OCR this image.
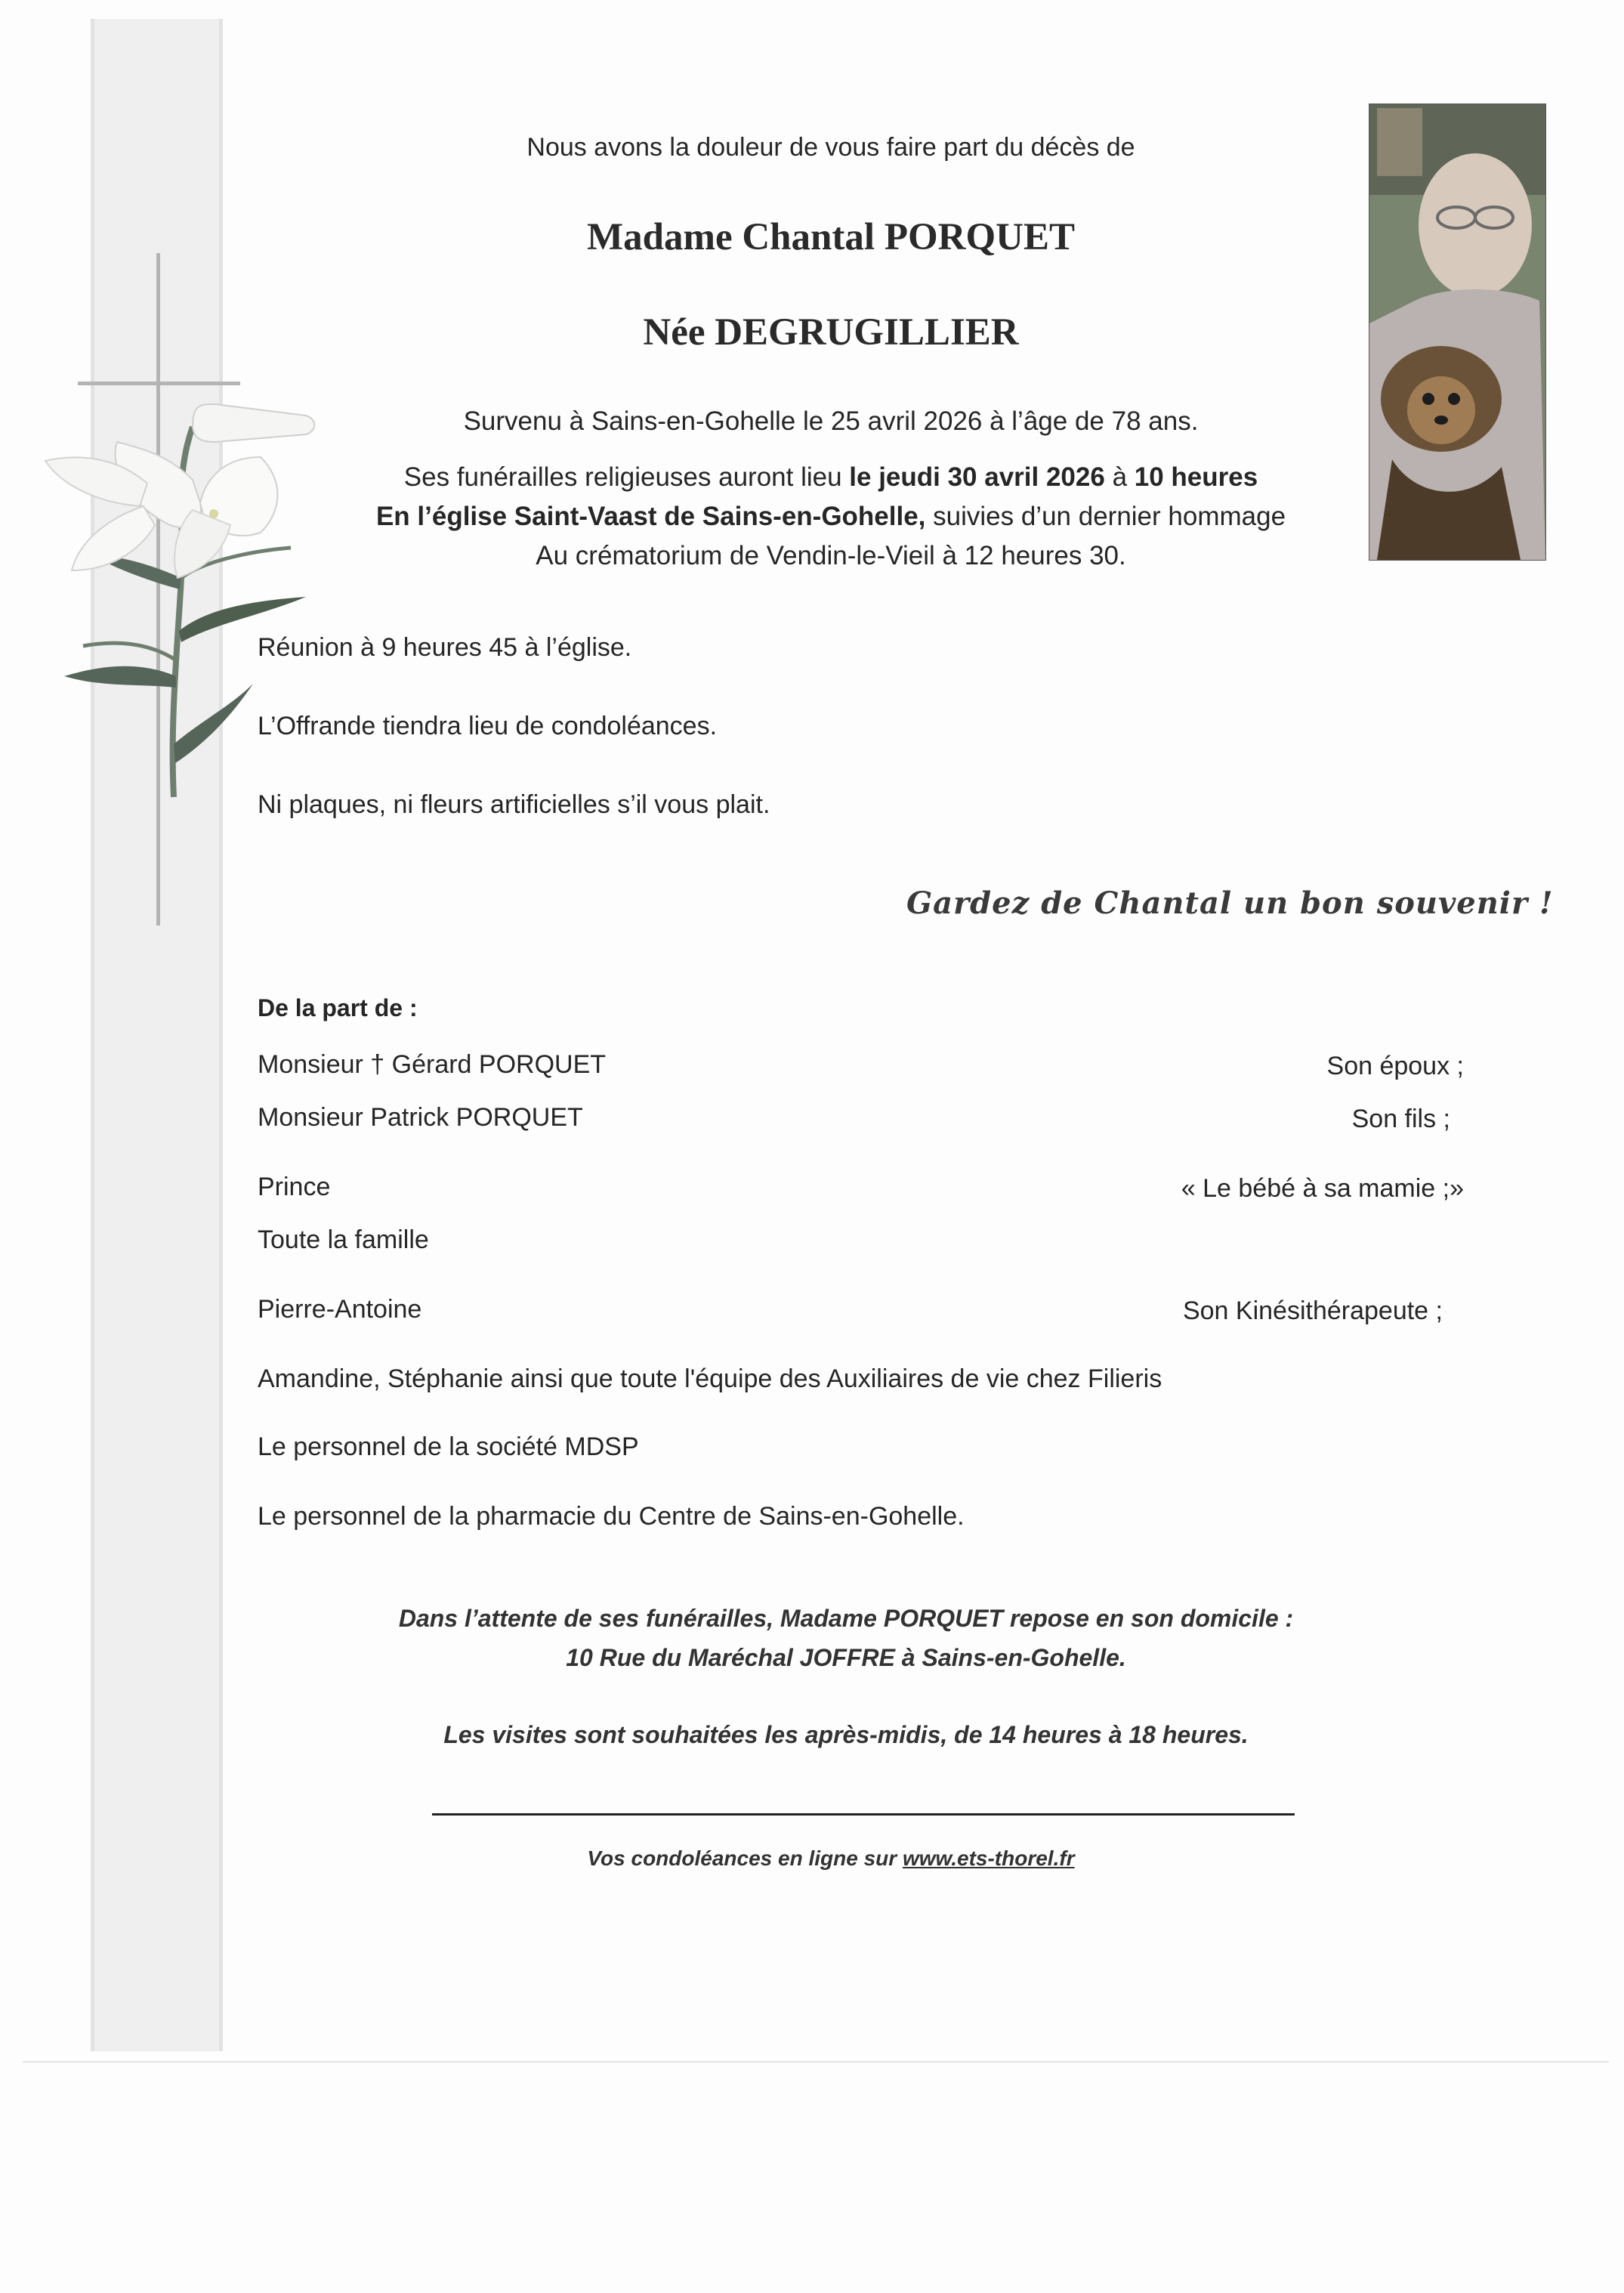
Nous avons la douleur de vous faire part du décès de
Madame Chantal PORQUET
Née DEGRUGILLIER
Survenu à Sains-en-Gohelle le 25 avril 2026 à l’âge de 78 ans.
Ses funérailles religieuses auront lieu le jeudi 30 avril 2026 à 10 heures
En l’église Saint-Vaast de Sains-en-Gohelle, suivies d’un dernier hommage
Au crématorium de Vendin-le-Vieil à 12 heures 30.
Réunion à 9 heures 45 à l’église.
L’Offrande tiendra lieu de condoléances.
Ni plaques, ni fleurs artificielles s’il vous plait.
Gardez de Chantal un bon souvenir !
De la part de :
Monsieur † Gérard PORQUET	Son époux ;
Monsieur Patrick PORQUET	Son fils ;
Prince	« Le bébé à sa mamie ;»
Toute la famille
Pierre-Antoine	Son Kinésithérapeute ;
Amandine, Stéphanie ainsi que toute l'équipe des Auxiliaires de vie chez Filieris
Le personnel de la société MDSP
Le personnel de la pharmacie du Centre de Sains-en-Gohelle.
Dans l’attente de ses funérailles, Madame PORQUET repose en son domicile :
10 Rue du Maréchal JOFFRE à Sains-en-Gohelle.
Les visites sont souhaitées les après-midis, de 14 heures à 18 heures.
Vos condoléances en ligne sur www.ets-thorel.fr
